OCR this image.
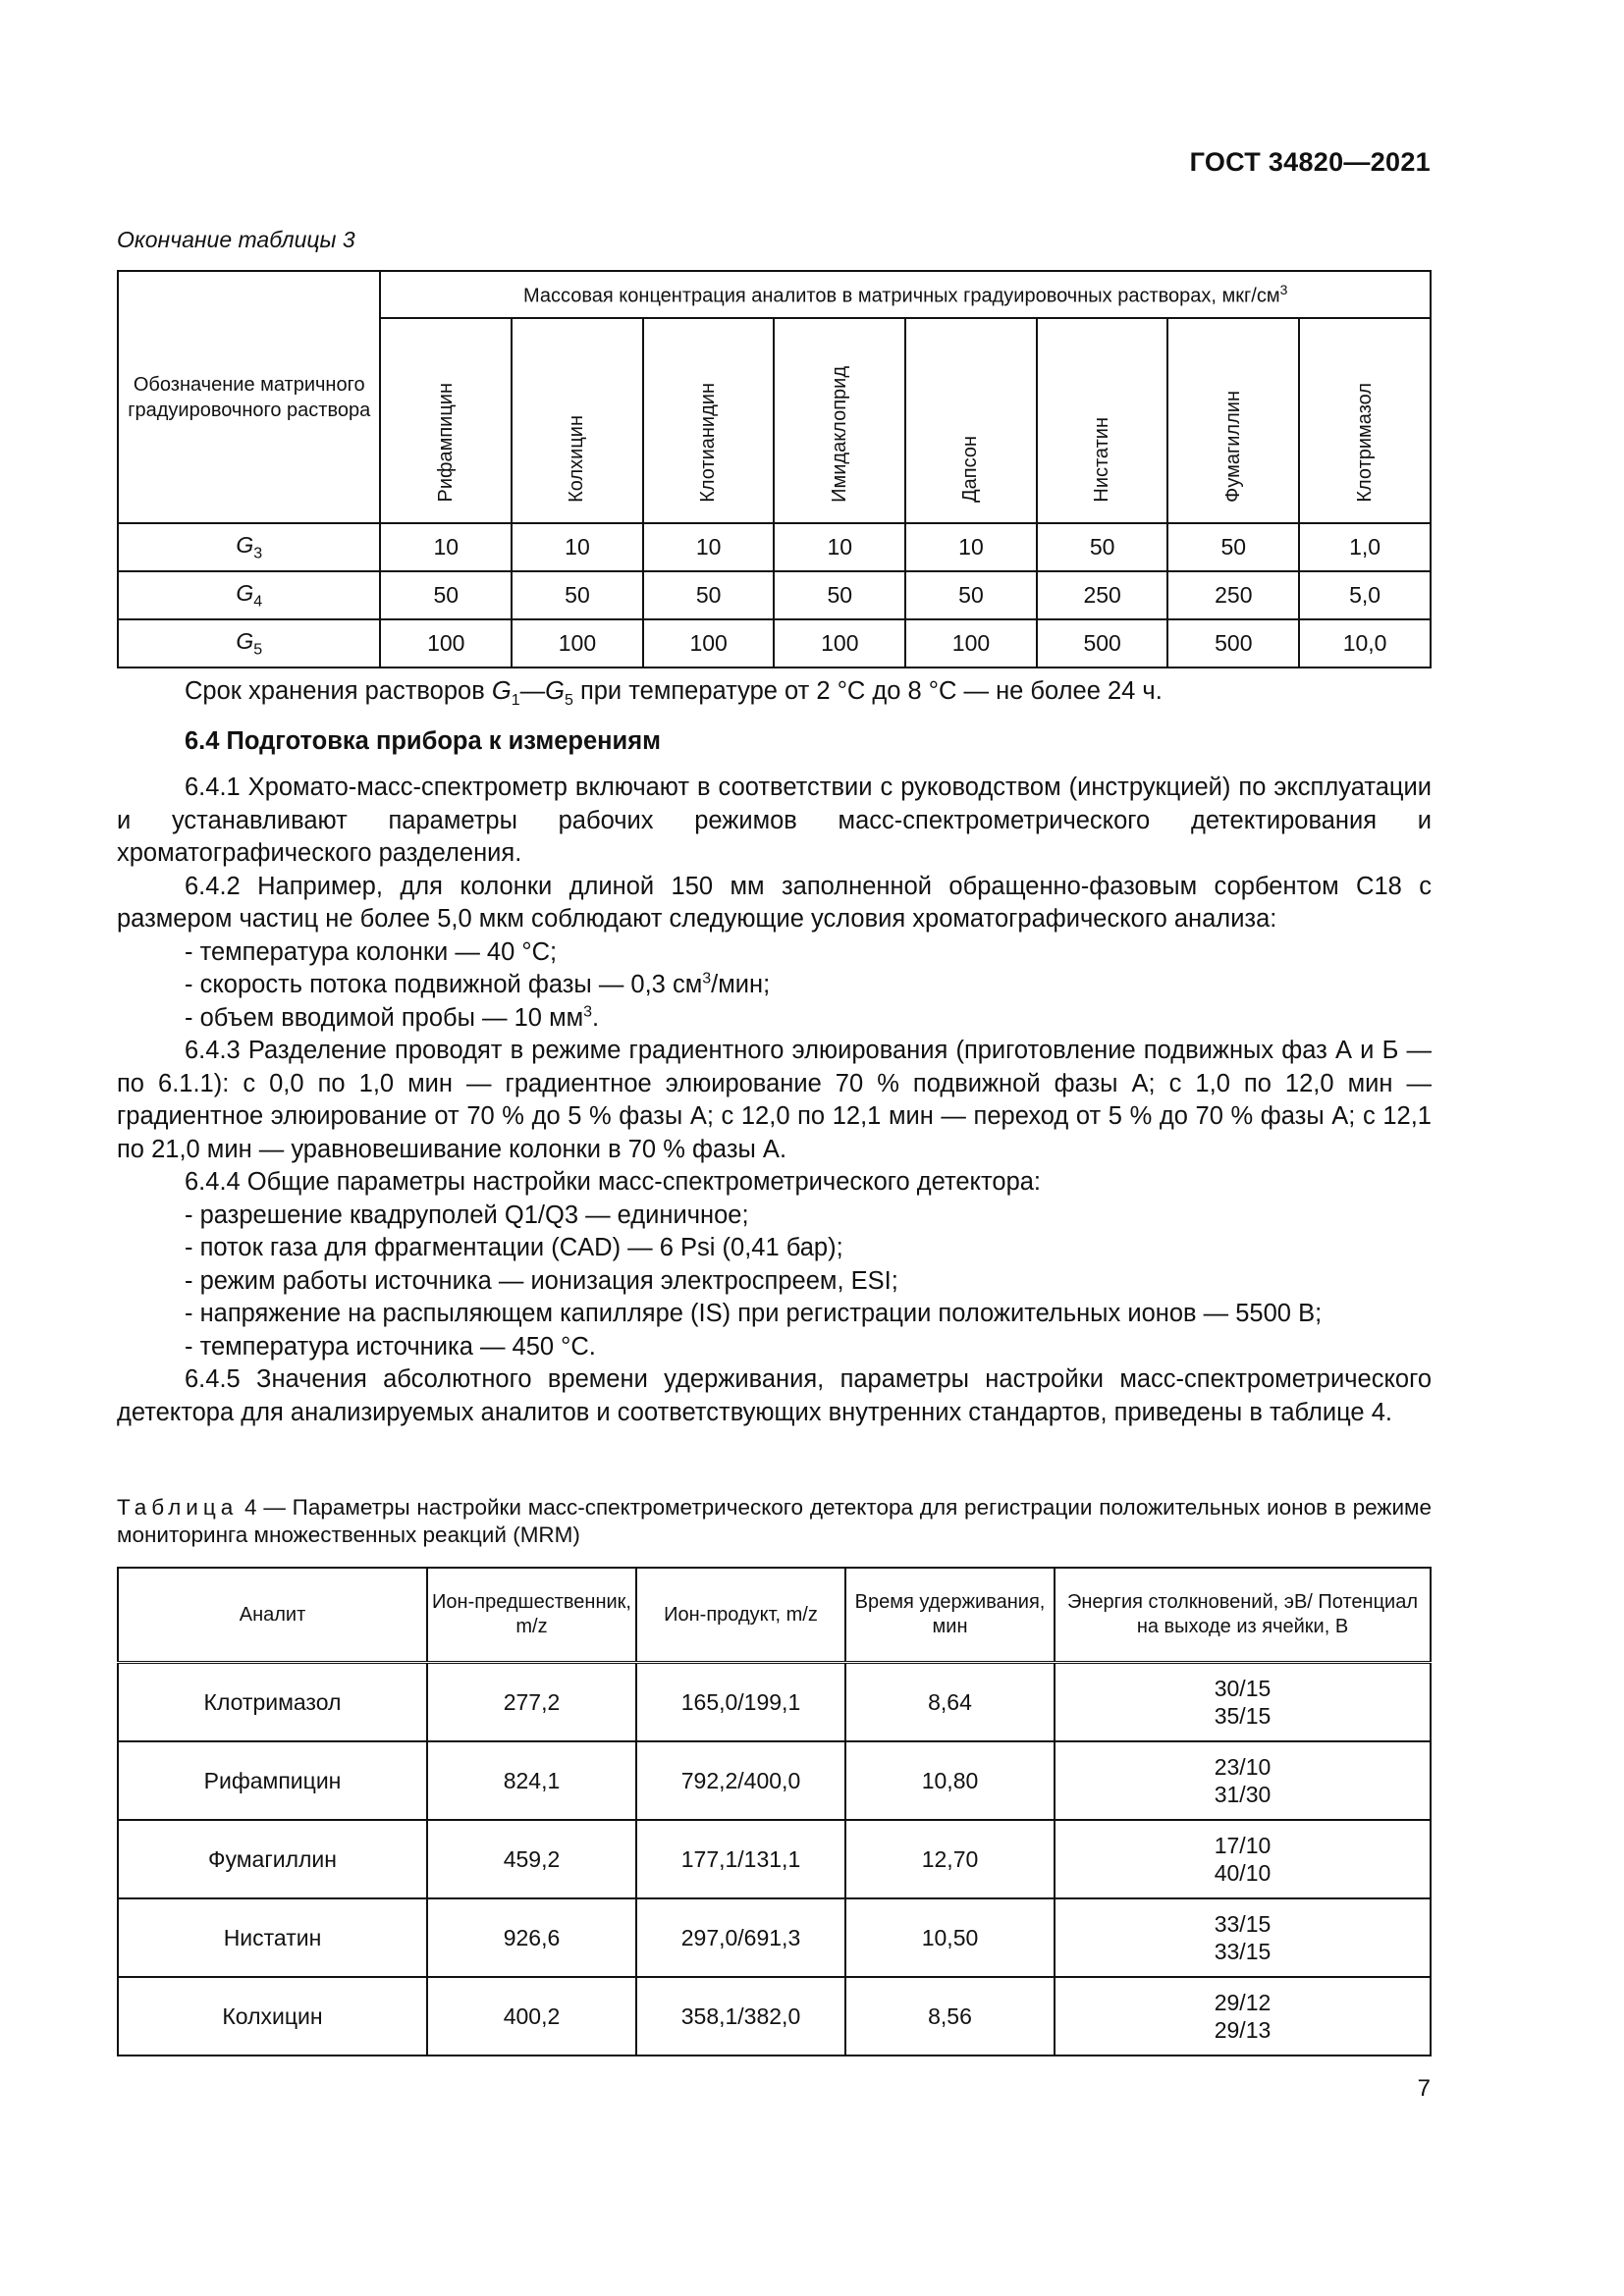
ГОСТ 34820—2021
Окончание таблицы 3
Обозначение матричного градуировочного раствора	Массовая концентрация аналитов в матричных градуировочных растворах, мкг/$см^3$
	Рифампицин	Колхицин	Клотианидин	Имидаклоприд	Дапсон	Нистатин	Фумагиллин	Клотримазол
$G_3$	10	10	10	10	10	50	50	1,0
$G_4$	50	50	50	50	50	250	250	5,0
$G_5$	100	100	100	100	100	500	500	10,0

Срок хранения растворов $G_1—G_5$ при температуре от 2 °С до 8 °С — не более 24 ч.

6.4 Подготовка прибора к измерениям

6.4.1 Хромато-масс-спектрометр включают в соответствии с руководством (инструкцией) по эксплуатации и устанавливают параметры рабочих режимов масс-спектрометрического детектирования и хроматографического разделения.

6.4.2 Например, для колонки длиной 150 мм заполненной обращенно-фазовым сорбентом С18 с размером частиц не более 5,0 мкм соблюдают следующие условия хроматографического анализа:

- температура колонки — 40 °С;

- скорость потока подвижной фазы — 0,3 $см^3$/мин;

- объем вводимой пробы — 10 $мм^3$.

6.4.3 Разделение проводят в режиме градиентного элюирования (приготовление подвижных фаз А и Б — по 6.1.1): с 0,0 по 1,0 мин — градиентное элюирование 70 % подвижной фазы А; с 1,0 по 12,0 мин — градиентное элюирование от 70 % до 5 % фазы А; с 12,0 по 12,1 мин — переход от 5 % до 70 % фазы А; с 12,1 по 21,0 мин — уравновешивание колонки в 70 % фазы А.

6.4.4 Общие параметры настройки масс-спектрометрического детектора:

- разрешение квадруполей Q1/Q3 — единичное;

- поток газа для фрагментации (CAD) — 6 Psi (0,41 бар);

- режим работы источника — ионизация электроспреем, ESI;

- напряжение на распыляющем капилляре (IS) при регистрации положительных ионов — 5500 В;

- температура источника — 450 °С.

6.4.5 Значения абсолютного времени удерживания, параметры настройки масс-спектрометрического детектора для анализируемых аналитов и соответствующих внутренних стандартов, приведены в таблице 4.

Таблица 4 — Параметры настройки масс-спектрометрического детектора для регистрации положительных ионов в режиме мониторинга множественных реакций (MRM)
Аналит	Ион-предшественник, m/z	Ион-продукт, m/z	Время удерживания, мин	Энергия столкновений, эВ/ Потенциал на выходе из ячейки, В
Клотримазол	277,2	165,0/199,1	8,64	30/15
35/15

Рифампицин	824,1	792,2/400,0	10,80	23/10
31/30

Фумагиллин	459,2	177,1/131,1	12,70	17/10
40/10

Нистатин	926,6	297,0/691,3	10,50	33/15
33/15

Колхицин	400,2	358,1/382,0	8,56	29/12
29/13
7
